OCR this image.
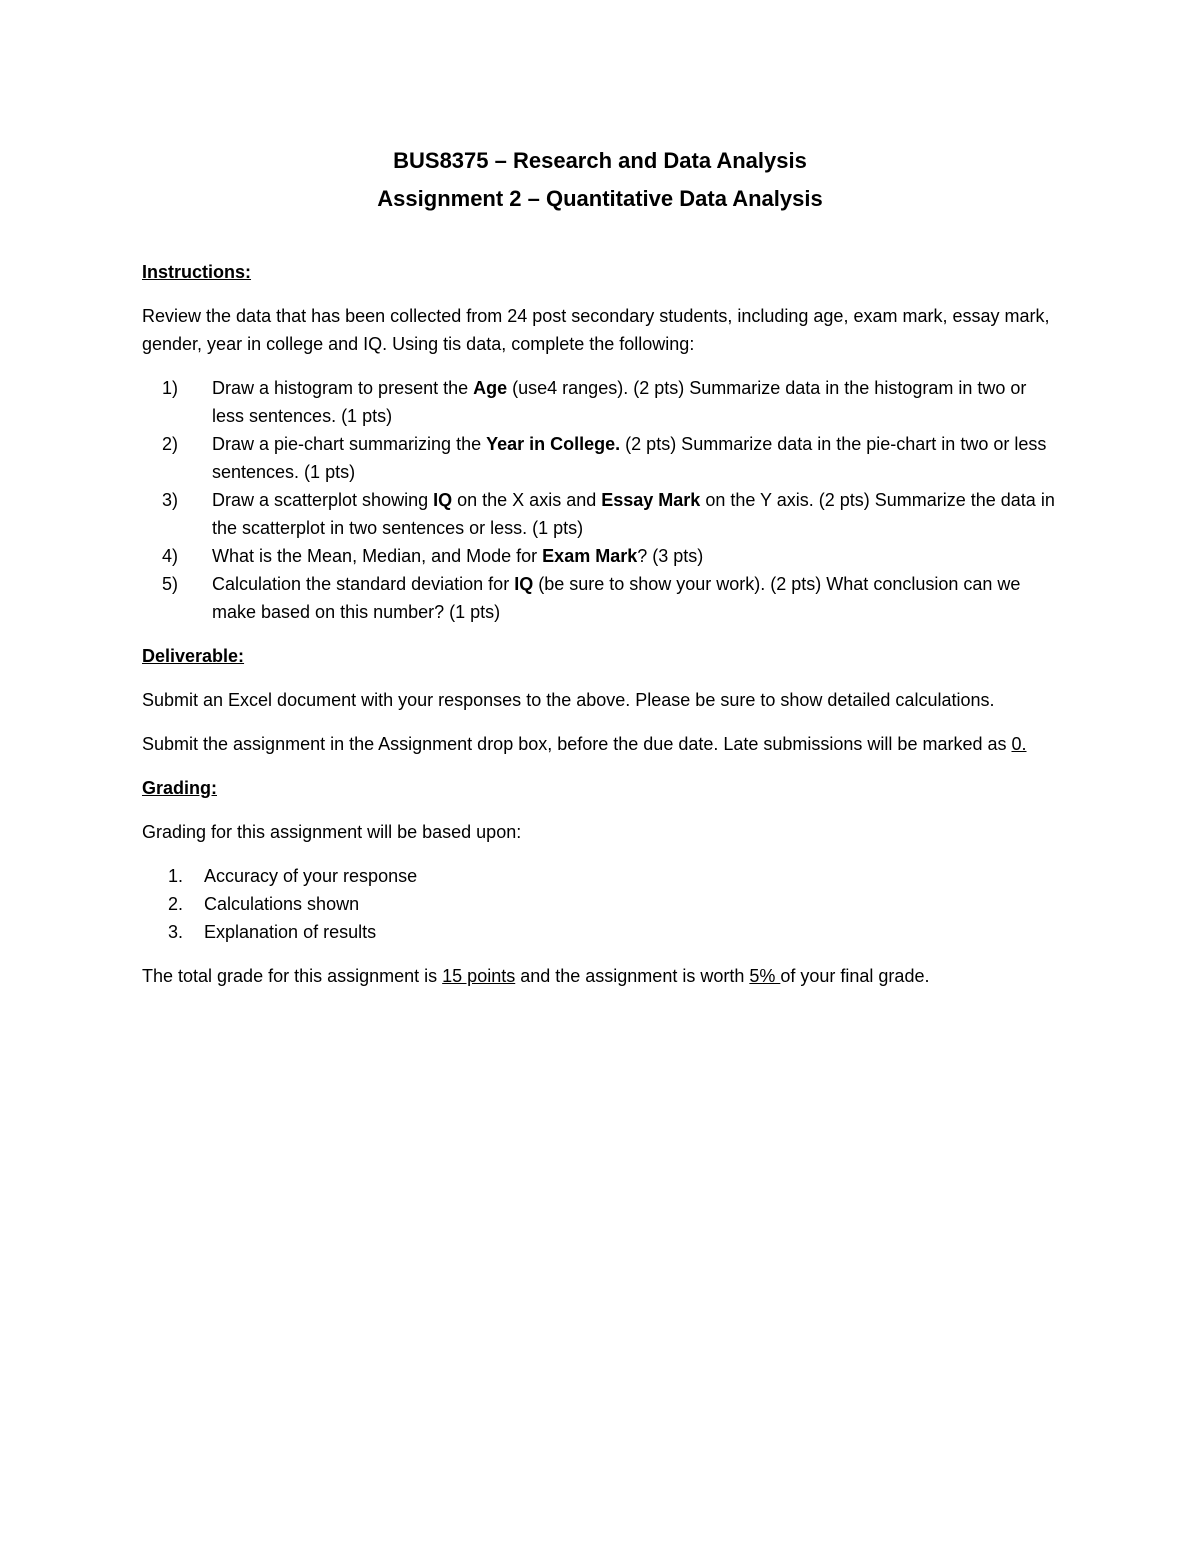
BUS8375 – Research and Data Analysis
Assignment 2 – Quantitative Data Analysis
Instructions:

Review the data that has been collected from 24 post secondary students, including age, exam mark, essay mark, gender, year in college and IQ. Using tis data, complete the following:

1) Draw a histogram to present the Age (use4 ranges). (2 pts) Summarize data in the histogram in two or less sentences. (1 pts)
2) Draw a pie-chart summarizing the Year in College. (2 pts) Summarize data in the pie-chart in two or less sentences. (1 pts)
3) Draw a scatterplot showing IQ on the X axis and Essay Mark on the Y axis. (2 pts) Summarize the data in the scatterplot in two sentences or less. (1 pts)
4) What is the Mean, Median, and Mode for Exam Mark? (3 pts)
5) Calculation the standard deviation for IQ (be sure to show your work). (2 pts) What conclusion can we make based on this number? (1 pts)
Deliverable:

Submit an Excel document with your responses to the above. Please be sure to show detailed calculations.

Submit the assignment in the Assignment drop box, before the due date. Late submissions will be marked as 0.

Grading:

Grading for this assignment will be based upon:

1. Accuracy of your response
2. Calculations shown
3. Explanation of results

The total grade for this assignment is 15 points and the assignment is worth 5% of your final grade.
